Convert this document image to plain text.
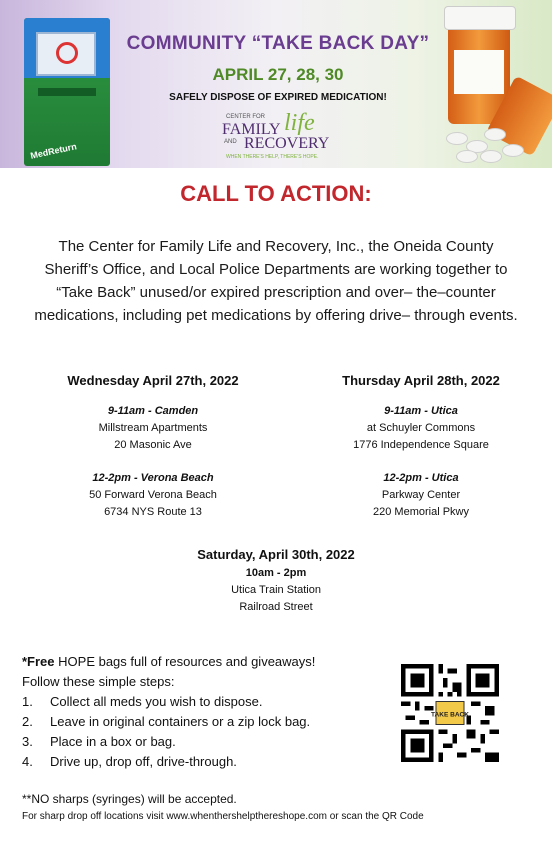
MedReturn
COMMUNITY “TAKE BACK DAY”
APRIL 27, 28, 30
SAFELY DISPOSE OF EXPIRED MEDICATION!
CENTER FOR
FAMILY life
AND RECOVERY
WHEN THERE'S HELP, THERE'S HOPE.
CALL TO ACTION:
The Center for Family Life and Recovery, Inc., the Oneida County Sheriff’s Office, and Local Police Departments are working together to “Take Back” unused/or expired prescription and over– the–counter medications, including pet medications by offering drive– through events.
Wednesday April 27th, 2022
9-11am - Camden
Millstream Apartments
20 Masonic Ave
12-2pm - Verona Beach
50 Forward Verona Beach
6734 NYS Route 13
Thursday April 28th, 2022
9-11am - Utica
at Schuyler Commons
1776 Independence Square
12-2pm - Utica
Parkway Center
220 Memorial Pkwy
Saturday, April 30th, 2022
10am - 2pm
Utica Train Station
Railroad Street
*Free HOPE bags full of resources and giveaways!
Follow these simple steps:
1.	Collect all meds you wish to dispose.
2.	Leave in original containers or a zip lock bag.
3.	Place in a box or bag.
4.	Drive up, drop off, drive-through.
TAKE BACK
**NO sharps (syringes) will be accepted.
For sharp drop off locations visit www.whenthershelpthereshope.com or scan the QR Code
